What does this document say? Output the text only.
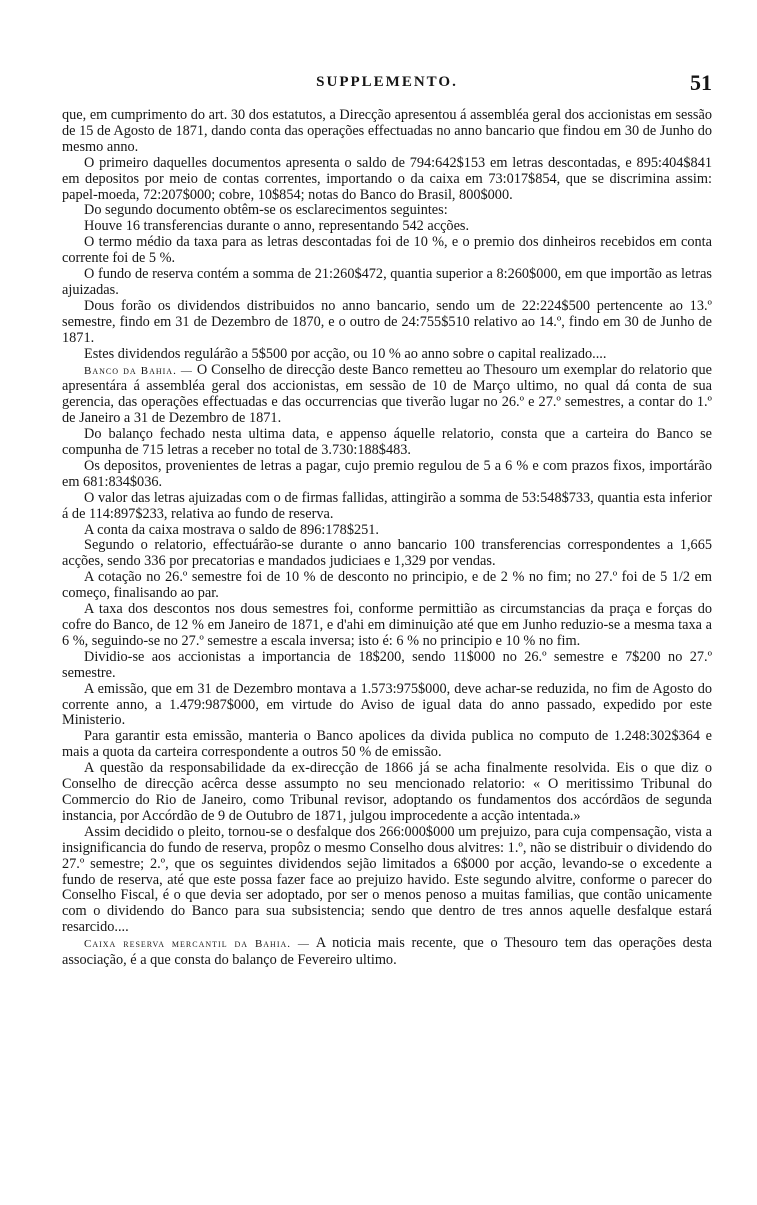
SUPPLEMENTO.	51

que, em cumprimento do art. 30 dos estatutos, a Direcção apresentou á assembléa geral dos accionistas em sessão de 15 de Agosto de 1871, dando conta das operações effectuadas no anno bancario que findou em 30 de Junho do mesmo anno.

O primeiro daquelles documentos apresenta o saldo de 794:642$153 em letras descontadas, e 895:404$841 em depositos por meio de contas correntes, importando o da caixa em 73:017$854, que se discrimina assim: papel-moeda, 72:207$000; cobre, 10$854; notas do Banco do Brasil, 800$000.

Do segundo documento obtêm-se os esclarecimentos seguintes:

Houve 16 transferencias durante o anno, representando 542 acções.

O termo médio da taxa para as letras descontadas foi de 10 %, e o premio dos dinheiros recebidos em conta corrente foi de 5 %.

O fundo de reserva contém a somma de 21:260$472, quantia superior a 8:260$000, em que importão as letras ajuizadas.

Dous forão os dividendos distribuidos no anno bancario, sendo um de 22:224$500 pertencente ao 13.º semestre, findo em 31 de Dezembro de 1870, e o outro de 24:755$510 relativo ao 14.º, findo em 30 de Junho de 1871.

Estes dividendos regulárão a 5$500 por acção, ou 10 % ao anno sobre o capital realizado....

Banco da Bahia. — O Conselho de direcção deste Banco remetteu ao Thesouro um exemplar do relatorio que apresentára á assembléa geral dos accionistas, em sessão de 10 de Março ultimo, no qual dá conta de sua gerencia, das operações effectuadas e das occurrencias que tiverão lugar no 26.º e 27.º semestres, a contar do 1.º de Janeiro a 31 de Dezembro de 1871.

Do balanço fechado nesta ultima data, e appenso áquelle relatorio, consta que a carteira do Banco se compunha de 715 letras a receber no total de 3.730:188$483.

Os depositos, provenientes de letras a pagar, cujo premio regulou de 5 a 6 % e com prazos fixos, importárão em 681:834$036.

O valor das letras ajuizadas com o de firmas fallidas, attingirão a somma de 53:548$733, quantia esta inferior á de 114:897$233, relativa ao fundo de reserva.

A conta da caixa mostrava o saldo de 896:178$251.

Segundo o relatorio, effectuárão-se durante o anno bancario 100 transferencias correspondentes a 1,665 acções, sendo 336 por precatorias e mandados judiciaes e 1,329 por vendas.

A cotação no 26.º semestre foi de 10 % de desconto no principio, e de 2 % no fim; no 27.º foi de 5 1/2 em começo, finalisando ao par.

A taxa dos descontos nos dous semestres foi, conforme permittião as circumstancias da praça e forças do cofre do Banco, de 12 % em Janeiro de 1871, e d'ahi em diminuição até que em Junho reduzio-se a mesma taxa a 6 %, seguindo-se no 27.º semestre a escala inversa; isto é: 6 % no principio e 10 % no fim.

Dividio-se aos accionistas a importancia de 18$200, sendo 11$000 no 26.º semestre e 7$200 no 27.º semestre.

A emissão, que em 31 de Dezembro montava a 1.573:975$000, deve achar-se reduzida, no fim de Agosto do corrente anno, a 1.479:987$000, em virtude do Aviso de igual data do anno passado, expedido por este Ministerio.

Para garantir esta emissão, manteria o Banco apolices da divida publica no computo de 1.248:302$364 e mais a quota da carteira correspondente a outros 50 % de emissão.

A questão da responsabilidade da ex-direcção de 1866 já se acha finalmente resolvida. Eis o que diz o Conselho de direcção acêrca desse assumpto no seu mencionado relatorio: « O meritissimo Tribunal do Commercio do Rio de Janeiro, como Tribunal revisor, adoptando os fundamentos dos accórdãos de segunda instancia, por Accórdão de 9 de Outubro de 1871, julgou improcedente a acção intentada.»

Assim decidido o pleito, tornou-se o desfalque dos 266:000$000 um prejuizo, para cuja compensação, vista a insignificancia do fundo de reserva, propôz o mesmo Conselho dous alvitres: 1.º, não se distribuir o dividendo do 27.º semestre; 2.º, que os seguintes dividendos sejão limitados a 6$000 por acção, levando-se o excedente a fundo de reserva, até que este possa fazer face ao prejuizo havido. Este segundo alvitre, conforme o parecer do Conselho Fiscal, é o que devia ser adoptado, por ser o menos penoso a muitas familias, que contão unicamente com o dividendo do Banco para sua subsistencia; sendo que dentro de tres annos aquelle desfalque estará resarcido....

Caixa reserva mercantil da Bahia. — A noticia mais recente, que o Thesouro tem das operações desta associação, é a que consta do balanço de Fevereiro ultimo.
